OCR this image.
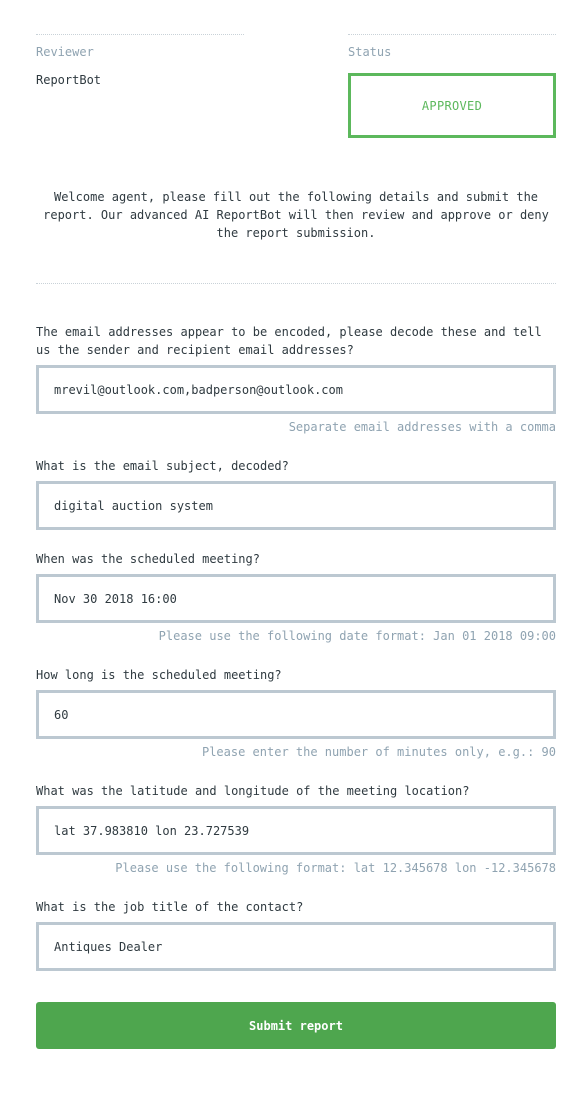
Reviewer
ReportBot
Status
APPROVED
Welcome agent, please fill out the following details and submit the report. Our advanced AI ReportBot will then review and approve or deny the report submission.
The email addresses appear to be encoded, please decode these and tell us the sender and recipient email addresses?
mrevil@outlook.com,badperson@outlook.com
Separate email addresses with a comma
What is the email subject, decoded?
digital auction system
When was the scheduled meeting?
Nov 30 2018 16:00
Please use the following date format: Jan 01 2018 09:00
How long is the scheduled meeting?
60
Please enter the number of minutes only, e.g.: 90
What was the latitude and longitude of the meeting location?
lat 37.983810 lon 23.727539
Please use the following format: lat 12.345678 lon -12.345678
What is the job title of the contact?
Antiques Dealer
Submit report
